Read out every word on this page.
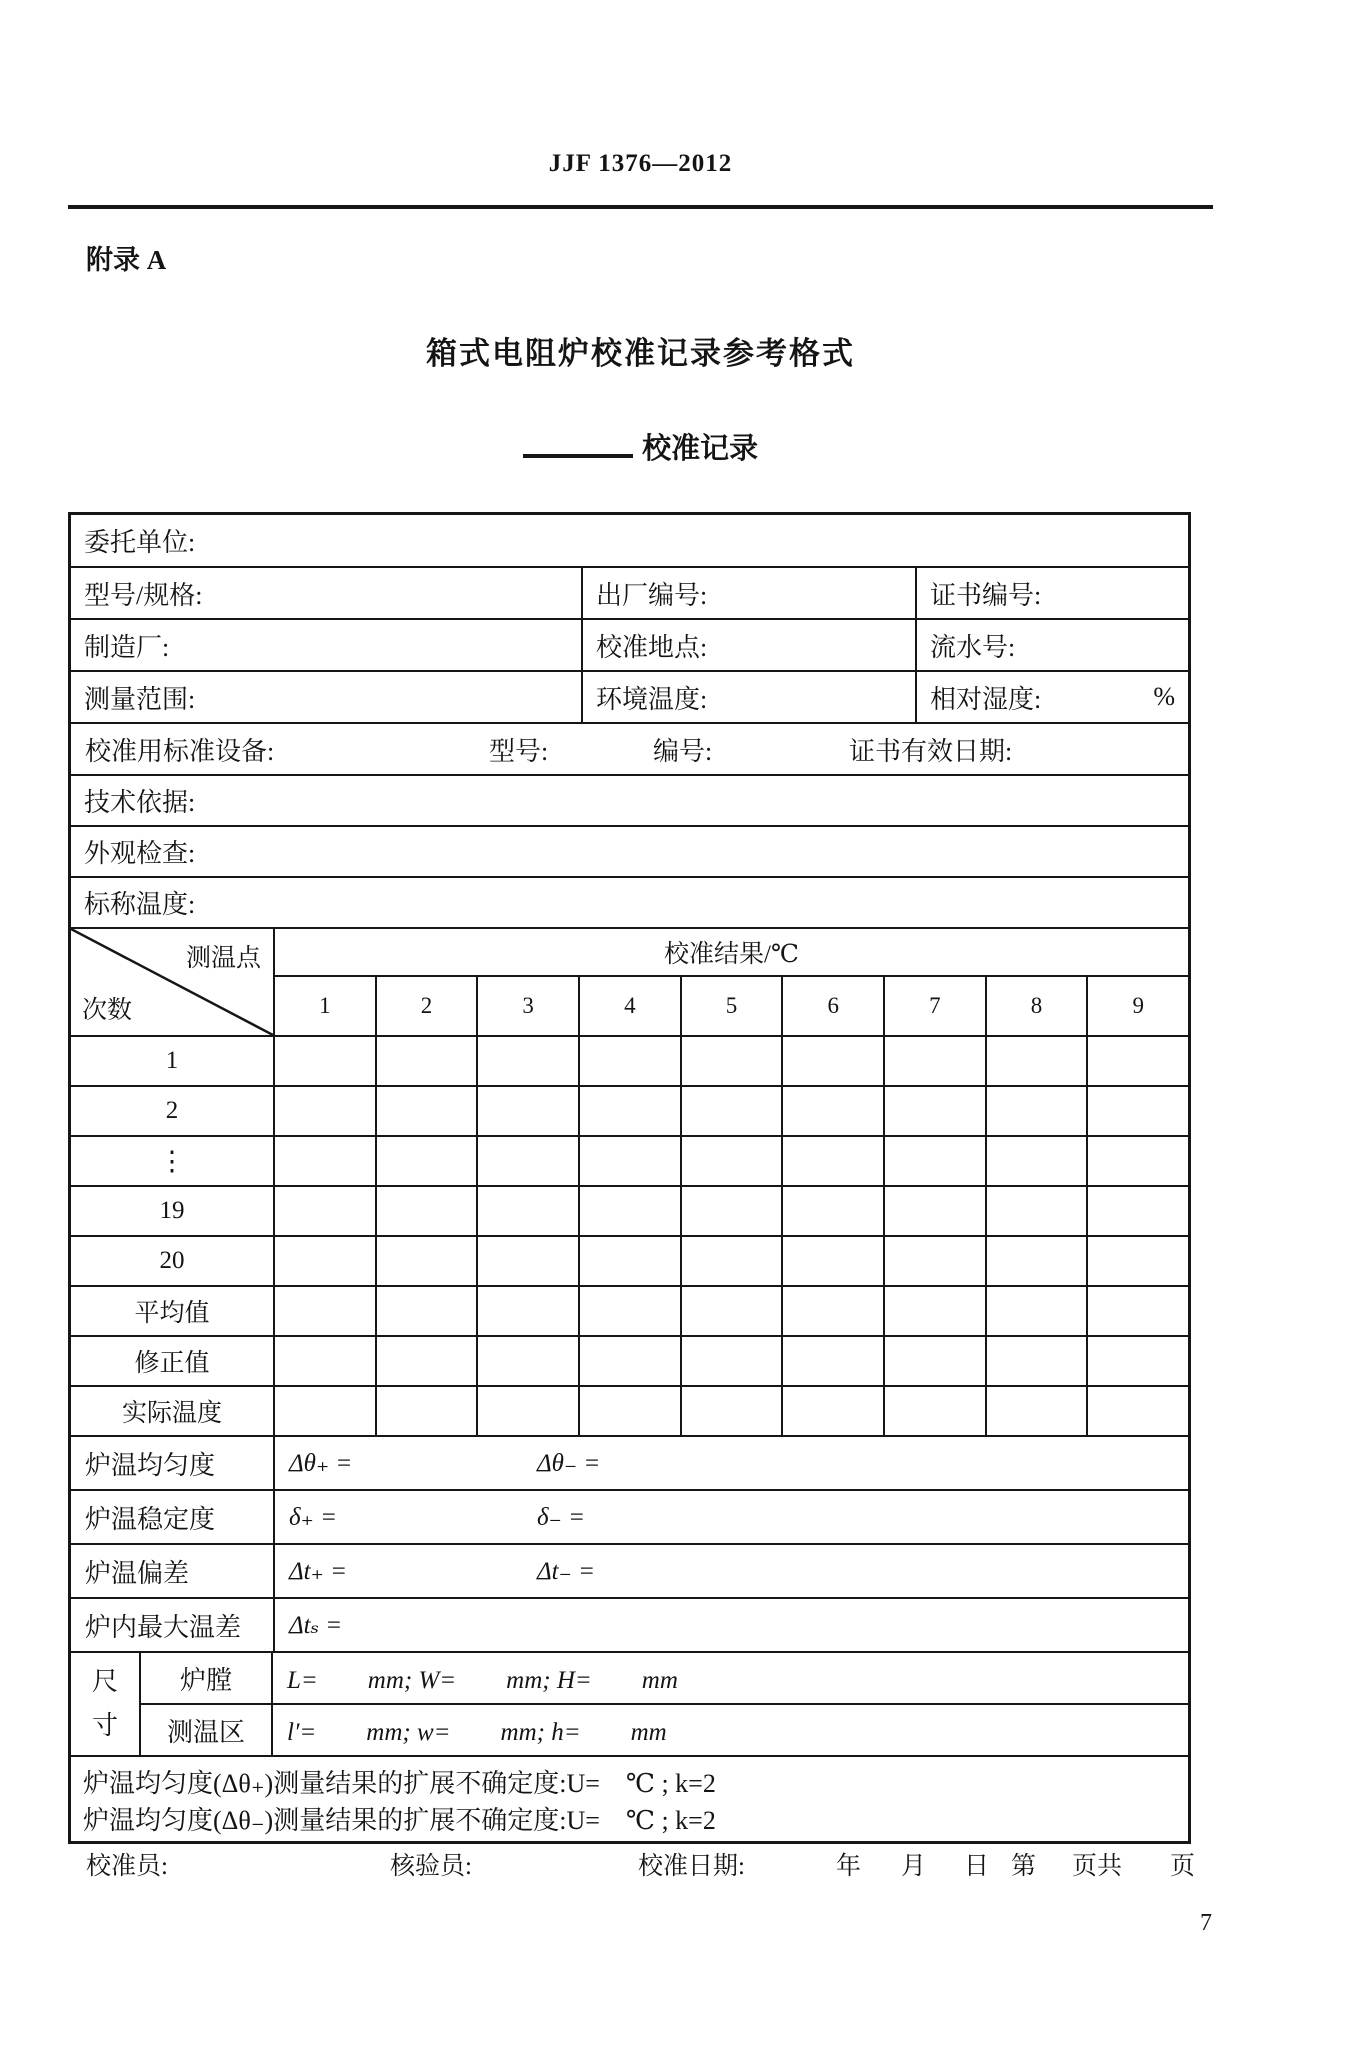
JJF 1376—2012
附录 A
箱式电阻炉校准记录参考格式
校准记录
委托单位:
型号/规格:	出厂编号:	证书编号:
制造厂:	校准地点:	流水号:
测量范围:	环境温度:	相对湿度:	%
校准用标准设备:	型号:	编号:	证书有效日期:
技术依据:
外观检查:
标称温度:
测温点
次数
校准结果/℃
1	2	3	4	5	6	7	8	9
1
2
⋮
19
20
平均值
修正值
实际温度
炉温均匀度	Δθ₊ =	Δθ₋ =
炉温稳定度	δ₊ =	δ₋ =
炉温偏差	Δt₊ =	Δt₋ =
炉内最大温差	Δtₛ =
尺寸
炉膛	L=　　mm; W=　　mm; H=　　mm
测温区	l′=　　mm; w=　　mm; h=　　mm
炉温均匀度(Δθ₊)测量结果的扩展不确定度:U=　℃ ; k=2
炉温均匀度(Δθ₋)测量结果的扩展不确定度:U=　℃ ; k=2
校准员:	核验员:	校准日期:	年 月 日 第 页共 页
7
